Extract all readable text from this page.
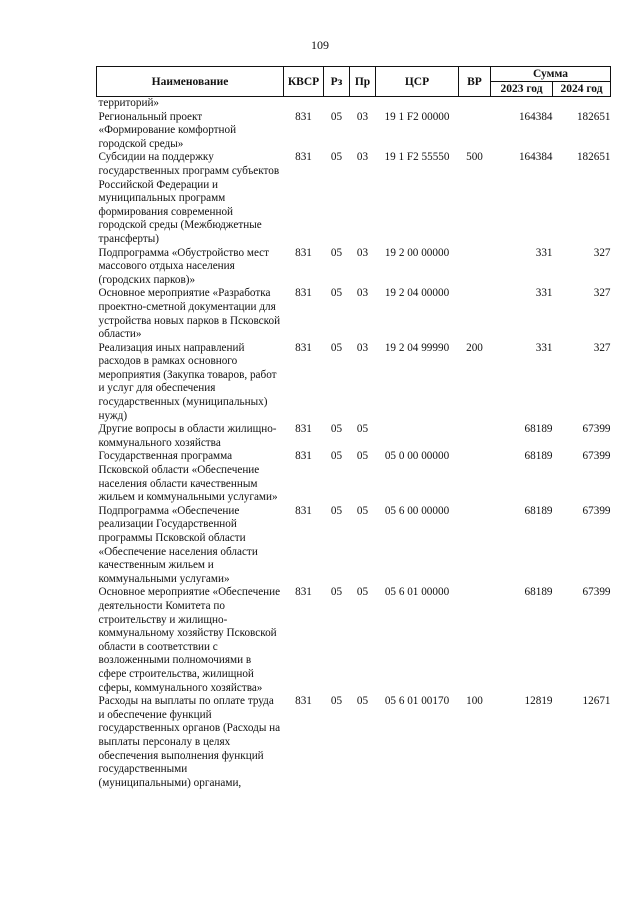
109
Наименование	КВСР	Рз	Пр	ЦСР	ВР	Сумма	
						2023 год	2024 год
территорий»							
Региональный проект «Формирование комфортной городской среды»	831	05	03	19 1 F2 00000		164384	182651
Субсидии на поддержку государственных программ субъектов Российской Федерации и муниципальных программ формирования современной городской среды (Межбюджетные трансферты)	831	05	03	19 1 F2 55550	500	164384	182651
Подпрограмма «Обустройство мест массового отдыха населения (городских парков)»	831	05	03	19 2 00 00000		331	327
Основное мероприятие «Разработка проектно-сметной документации для устройства новых парков в Псковской области»	831	05	03	19 2 04 00000		331	327
Реализация иных направлений расходов в рамках основного мероприятия (Закупка товаров, работ и услуг для обеспечения государственных (муниципальных) нужд)	831	05	03	19 2 04 99990	200	331	327
Другие вопросы в области жилищно-коммунального хозяйства	831	05	05			68189	67399
Государственная программа Псковской области «Обеспечение населения области качественным жильем и коммунальными услугами»	831	05	05	05 0 00 00000		68189	67399
Подпрограмма «Обеспечение реализации Государственной программы Псковской области «Обеспечение населения области качественным жильем и коммунальными услугами»	831	05	05	05 6 00 00000		68189	67399
Основное мероприятие «Обеспечение деятельности Комитета по строительству и жилищно-коммунальному хозяйству Псковской области в соответствии с возложенными полномочиями в сфере строительства, жилищной сферы, коммунального хозяйства»	831	05	05	05 6 01 00000		68189	67399
Расходы на выплаты по оплате труда и обеспечение функций государственных органов (Расходы на выплаты персоналу в целях обеспечения выполнения функций государственными (муниципальными) органами,	831	05	05	05 6 01 00170	100	12819	12671
